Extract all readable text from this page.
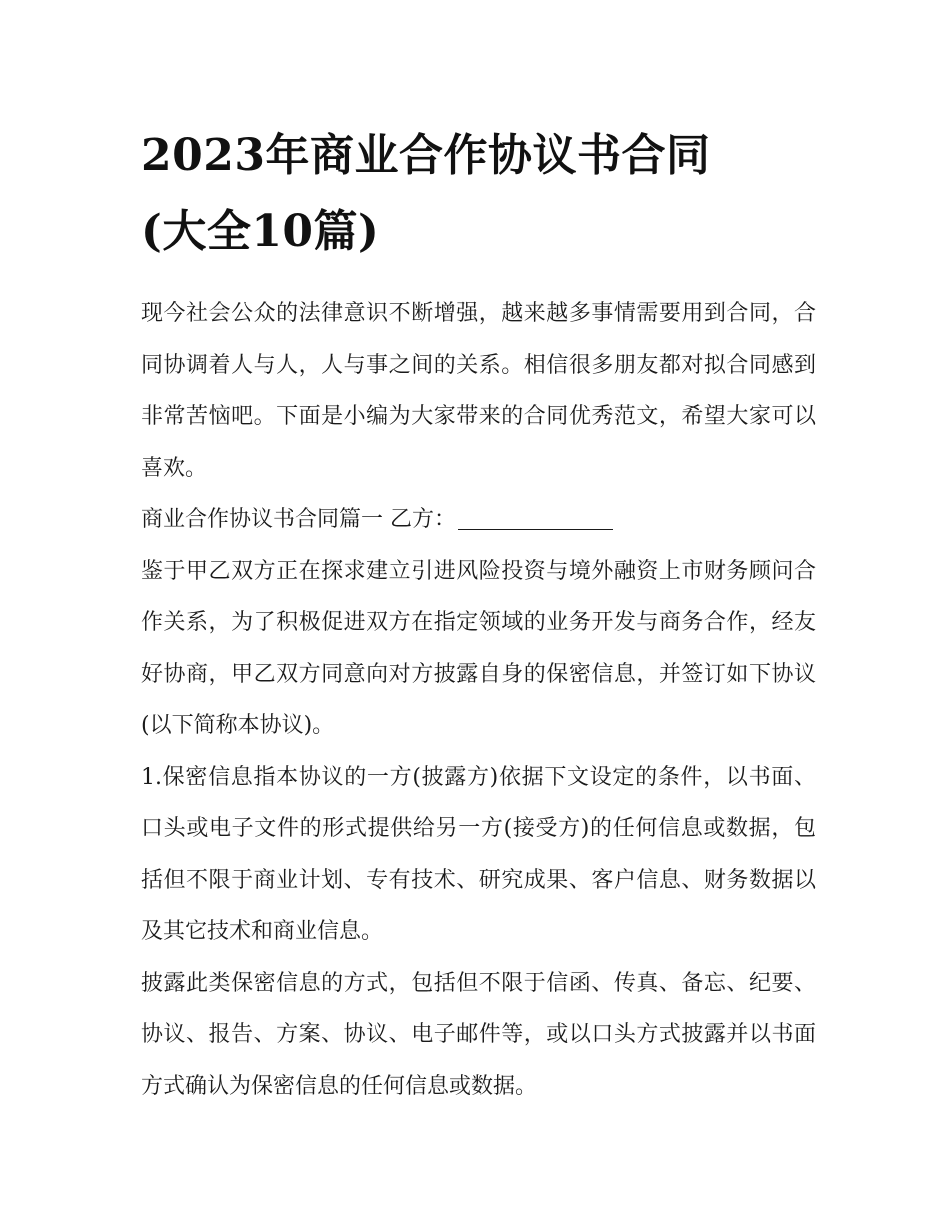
2023年商业合作协议书合同
(大全10篇)

现今社会公众的法律意识不断增强，越来越多事情需要用到合同，合同协调着人与人，人与事之间的关系。相信很多朋友都对拟合同感到非常苦恼吧。下面是小编为大家带来的合同优秀范文，希望大家可以喜欢。

商业合作协议书合同篇一 乙方：

鉴于甲乙双方正在探求建立引进风险投资与境外融资上市财务顾问合作关系，为了积极促进双方在指定领域的业务开发与商务合作，经友好协商，甲乙双方同意向对方披露自身的保密信息，并签订如下协议(以下简称本协议)。

1.保密信息指本协议的一方(披露方)依据下文设定的条件，以书面、口头或电子文件的形式提供给另一方(接受方)的任何信息或数据，包括但不限于商业计划、专有技术、研究成果、客户信息、财务数据以及其它技术和商业信息。

披露此类保密信息的方式，包括但不限于信函、传真、备忘、纪要、协议、报告、方案、协议、电子邮件等，或以口头方式披露并以书面方式确认为保密信息的任何信息或数据。
